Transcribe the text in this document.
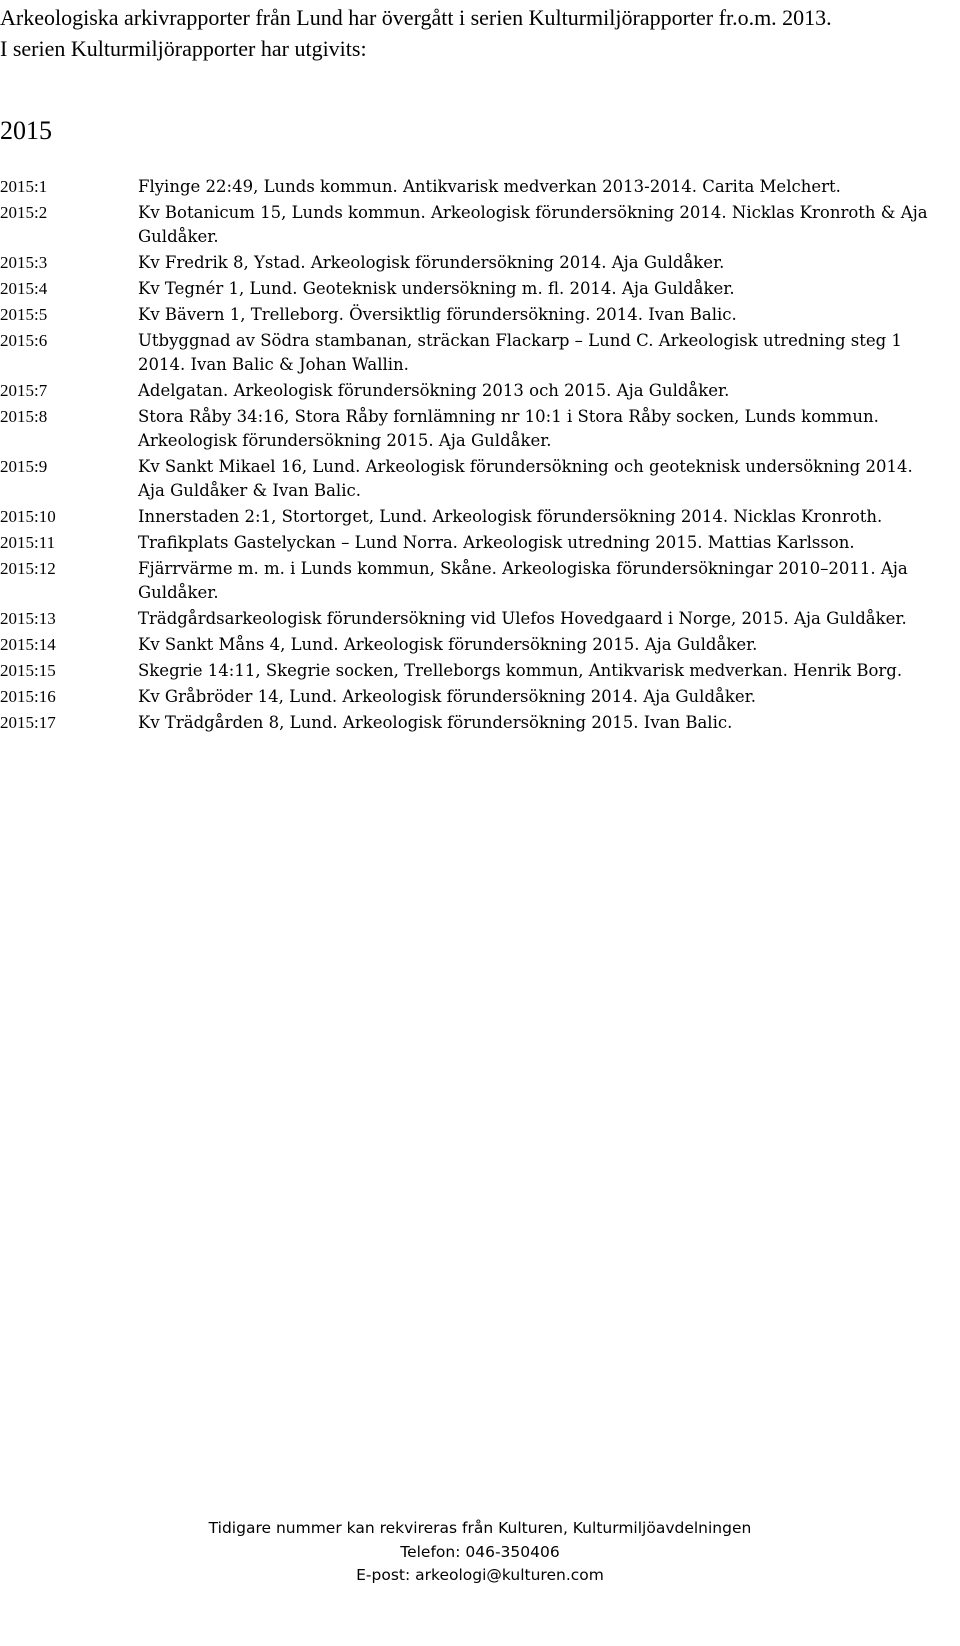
Arkeologiska arkivrapporter från Lund har övergått i serien Kulturmiljörapporter fr.o.m. 2013.
I serien Kulturmiljörapporter har utgivits:
2015
2015:1	Flyinge 22:49, Lunds kommun. Antikvarisk medverkan 2013-2014. Carita Melchert.
2015:2	Kv Botanicum 15, Lunds kommun. Arkeologisk förundersökning 2014. Nicklas Kronroth & Aja Guldåker.
2015:3	Kv Fredrik 8, Ystad. Arkeologisk förundersökning 2014. Aja Guldåker.
2015:4	Kv Tegnér 1, Lund. Geoteknisk undersökning m. fl. 2014. Aja Guldåker.
2015:5	Kv Bävern 1, Trelleborg. Översiktlig förundersökning. 2014. Ivan Balic.
2015:6	Utbyggnad av Södra stambanan, sträckan Flackarp – Lund C. Arkeologisk utredning steg 1 2014. Ivan Balic & Johan Wallin.
2015:7	Adelgatan. Arkeologisk förundersökning 2013 och 2015. Aja Guldåker.
2015:8	Stora Råby 34:16, Stora Råby fornlämning nr 10:1 i Stora Råby socken, Lunds kommun. Arkeologisk förundersökning 2015. Aja Guldåker.
2015:9	Kv Sankt Mikael 16, Lund. Arkeologisk förundersökning och geoteknisk undersökning 2014. Aja Guldåker & Ivan Balic.
2015:10	Innerstaden 2:1, Stortorget, Lund. Arkeologisk förundersökning 2014. Nicklas Kronroth.
2015:11	Trafikplats Gastelyckan – Lund Norra. Arkeologisk utredning 2015. Mattias Karlsson.
2015:12	Fjärrvärme m. m. i Lunds kommun, Skåne. Arkeologiska förundersökningar 2010–2011. Aja Guldåker.
2015:13	Trädgårdsarkeologisk förundersökning vid Ulefos Hovedgaard i Norge, 2015. Aja Guldåker.
2015:14	Kv Sankt Måns 4, Lund. Arkeologisk förundersökning 2015. Aja Guldåker.
2015:15	Skegrie 14:11, Skegrie socken, Trelleborgs kommun, Antikvarisk medverkan. Henrik Borg.
2015:16	Kv Gråbröder 14, Lund. Arkeologisk förundersökning 2014. Aja Guldåker.
2015:17	Kv Trädgården 8, Lund. Arkeologisk förundersökning 2015. Ivan Balic.
Tidigare nummer kan rekvireras från Kulturen, Kulturmiljöavdelningen
Telefon: 046-350406
E-post: arkeologi@kulturen.com
